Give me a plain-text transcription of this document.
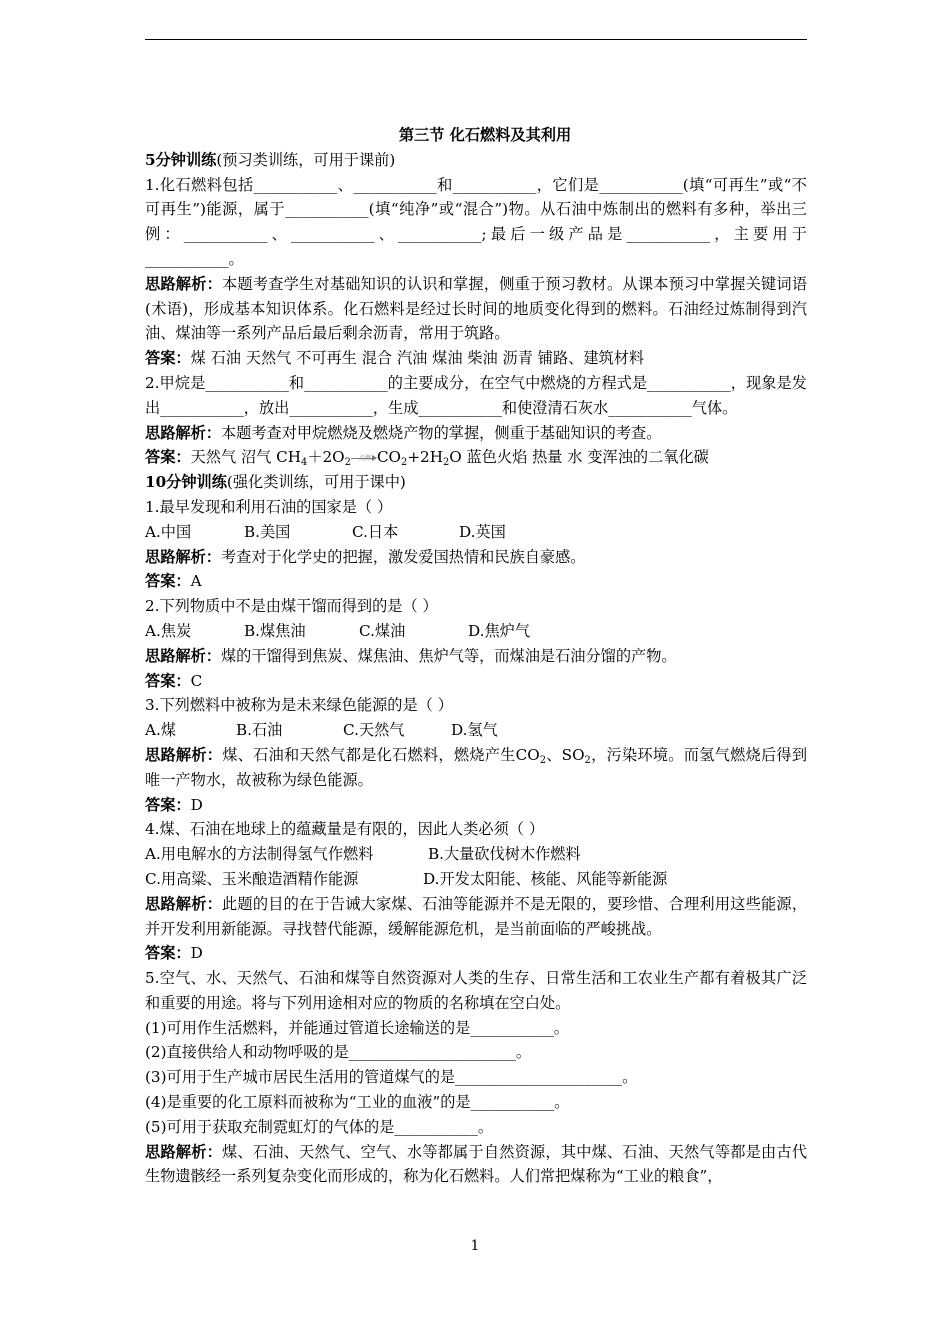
第三节 化石燃料及其利用

5分钟训练(预习类训练，可用于课前)

1.化石燃料包括___________、___________和___________，它们是___________(填“可再生”或“不可再生”)能源，属于___________(填“纯净”或“混合”)物。从石油中炼制出的燃料有多种，举出三例：___________、___________、___________;最后一级产品是___________，主要用于___________。

思路解析：本题考查学生对基础知识的认识和掌握，侧重于预习教材。从课本预习中掌握关键词语(术语)，形成基本知识体系。化石燃料是经过长时间的地质变化得到的燃料。石油经过炼制得到汽油、煤油等一系列产品后最后剩余沥青，常用于筑路。

答案：煤 石油 天然气 不可再生 混合 汽油 煤油 柴油 沥青 铺路、建筑材料

2.甲烷是___________和___________的主要成分，在空气中燃烧的方程式是___________，现象是发出___________，放出___________，生成___________和使澄清石灰水___________气体。

思路解析：本题考查对甲烷燃烧及燃烧产物的掌握，侧重于基础知识的考查。

答案：天然气 沼气 $CH_4+2O_2$ 点燃 $CO_2+2H_2O$ 蓝色火焰 热量 水 变浑浊的二氧化碳

10分钟训练(强化类训练，可用于课中)

1.最早发现和利用石油的国家是（ ）

A.中国	B.美国	C.日本	D.英国

思路解析：考查对于化学史的把握，激发爱国热情和民族自豪感。

答案：A

2.下列物质中不是由煤干馏而得到的是（ ）

A.焦炭	B.煤焦油	C.煤油	D.焦炉气

思路解析：煤的干馏得到焦炭、煤焦油、焦炉气等，而煤油是石油分馏的产物。

答案：C

3.下列燃料中被称为是未来绿色能源的是（ ）

A.煤	B.石油	C.天然气	D.氢气

思路解析：煤、石油和天然气都是化石燃料，燃烧产生$CO_2$、$SO_2$，污染环境。而氢气燃烧后得到唯一产物水，故被称为绿色能源。

答案：D

4.煤、石油在地球上的蕴藏量是有限的，因此人类必须（ ）

A.用电解水的方法制得氢气作燃料	B.大量砍伐树木作燃料

C.用高粱、玉米酿造酒精作能源	D.开发太阳能、核能、风能等新能源

思路解析：此题的目的在于告诫大家煤、石油等能源并不是无限的，要珍惜、合理利用这些能源，并开发利用新能源。寻找替代能源，缓解能源危机，是当前面临的严峻挑战。

答案：D

5.空气、水、天然气、石油和煤等自然资源对人类的生存、日常生活和工农业生产都有着极其广泛和重要的用途。将与下列用途相对应的物质的名称填在空白处。

(1)可用作生活燃料，并能通过管道长途输送的是___________。

(2)直接供给人和动物呼吸的是______________________。

(3)可用于生产城市居民生活用的管道煤气的是______________________。

(4)是重要的化工原料而被称为“工业的血液”的是___________。

(5)可用于获取充制霓虹灯的气体的是___________。

思路解析：煤、石油、天然气、空气、水等都属于自然资源，其中煤、石油、天然气等都是由古代生物遗骸经一系列复杂变化而形成的，称为化石燃料。人们常把煤称为“工业的粮食”，

1
